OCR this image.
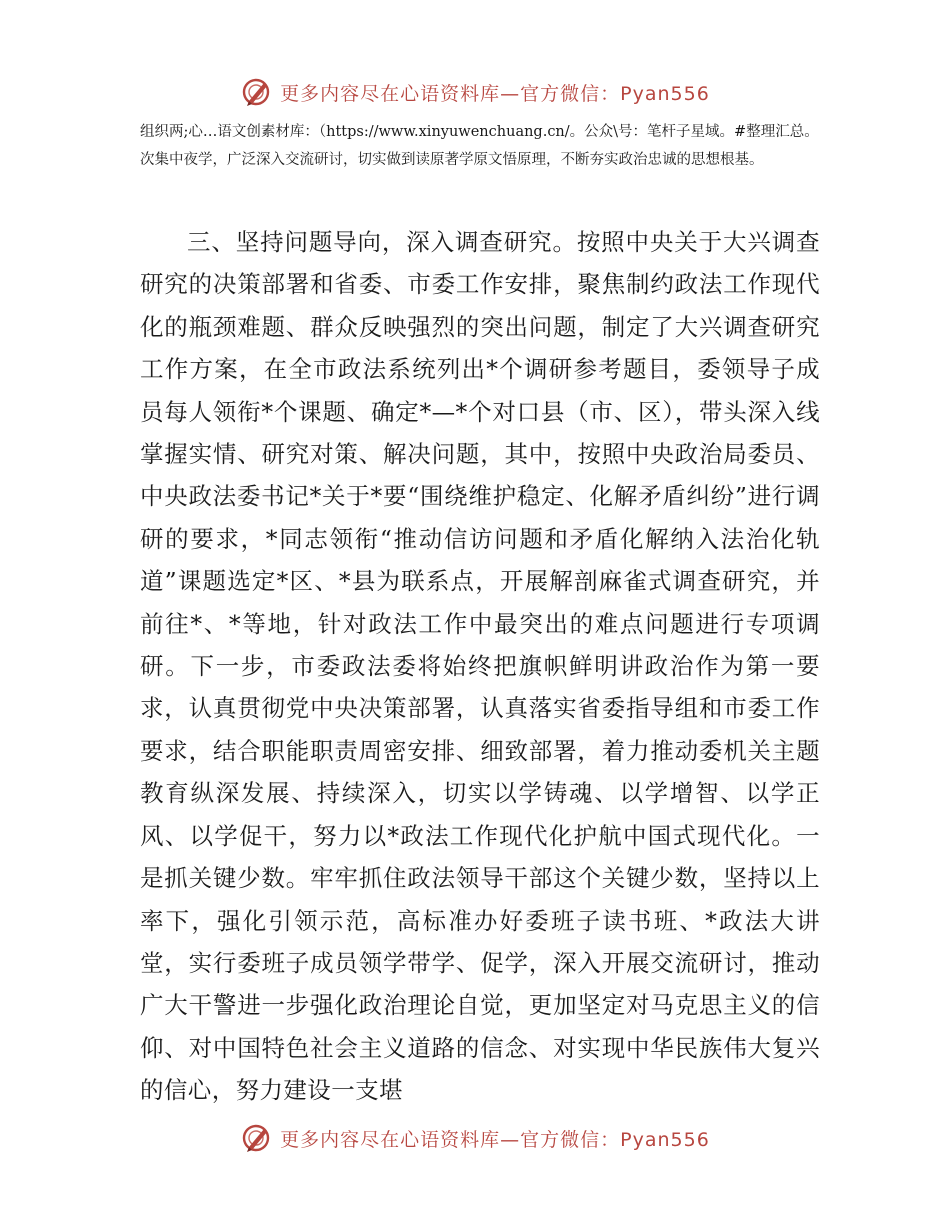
更多内容尽在心语资料库—官方微信：Pyan556

组织两;心…语文创素材库：（https://www.xinyuwenchuang.cn/。公众\号：笔杆子星域。#整理汇总。次集中夜学，广泛深入交流研讨，切实做到读原著学原文悟原理，不断夯实政治忠诚的思想根基。

三、坚持问题导向，深入调查研究。按照中央关于大兴调查研究的决策部署和省委、市委工作安排，聚焦制约政法工作现代化的瓶颈难题、群众反映强烈的突出问题，制定了大兴调查研究工作方案，在全市政法系统列出*个调研参考题目，委领导子成员每人领衔*个课题、确定*—*个对口县（市、区），带头深入线掌握实情、研究对策、解决问题，其中，按照中央政治局委员、中央政法委书记*关于*要“围绕维护稳定、化解矛盾纠纷”进行调研的要求，*同志领衔“推动信访问题和矛盾化解纳入法治化轨道”课题选定*区、*县为联系点，开展解剖麻雀式调查研究，并前往*、*等地，针对政法工作中最突出的难点问题进行专项调研。下一步，市委政法委将始终把旗帜鲜明讲政治作为第一要求，认真贯彻党中央决策部署，认真落实省委指导组和市委工作要求，结合职能职责周密安排、细致部署，着力推动委机关主题教育纵深发展、持续深入，切实以学铸魂、以学增智、以学正风、以学促干，努力以*政法工作现代化护航中国式现代化。一是抓关键少数。牢牢抓住政法领导干部这个关键少数，坚持以上率下，强化引领示范，高标准办好委班子读书班、*政法大讲堂，实行委班子成员领学带学、促学，深入开展交流研讨，推动广大干警进一步强化政治理论自觉，更加坚定对马克思主义的信仰、对中国特色社会主义道路的信念、对实现中华民族伟大复兴的信心，努力建设一支堪

更多内容尽在心语资料库—官方微信：Pyan556
